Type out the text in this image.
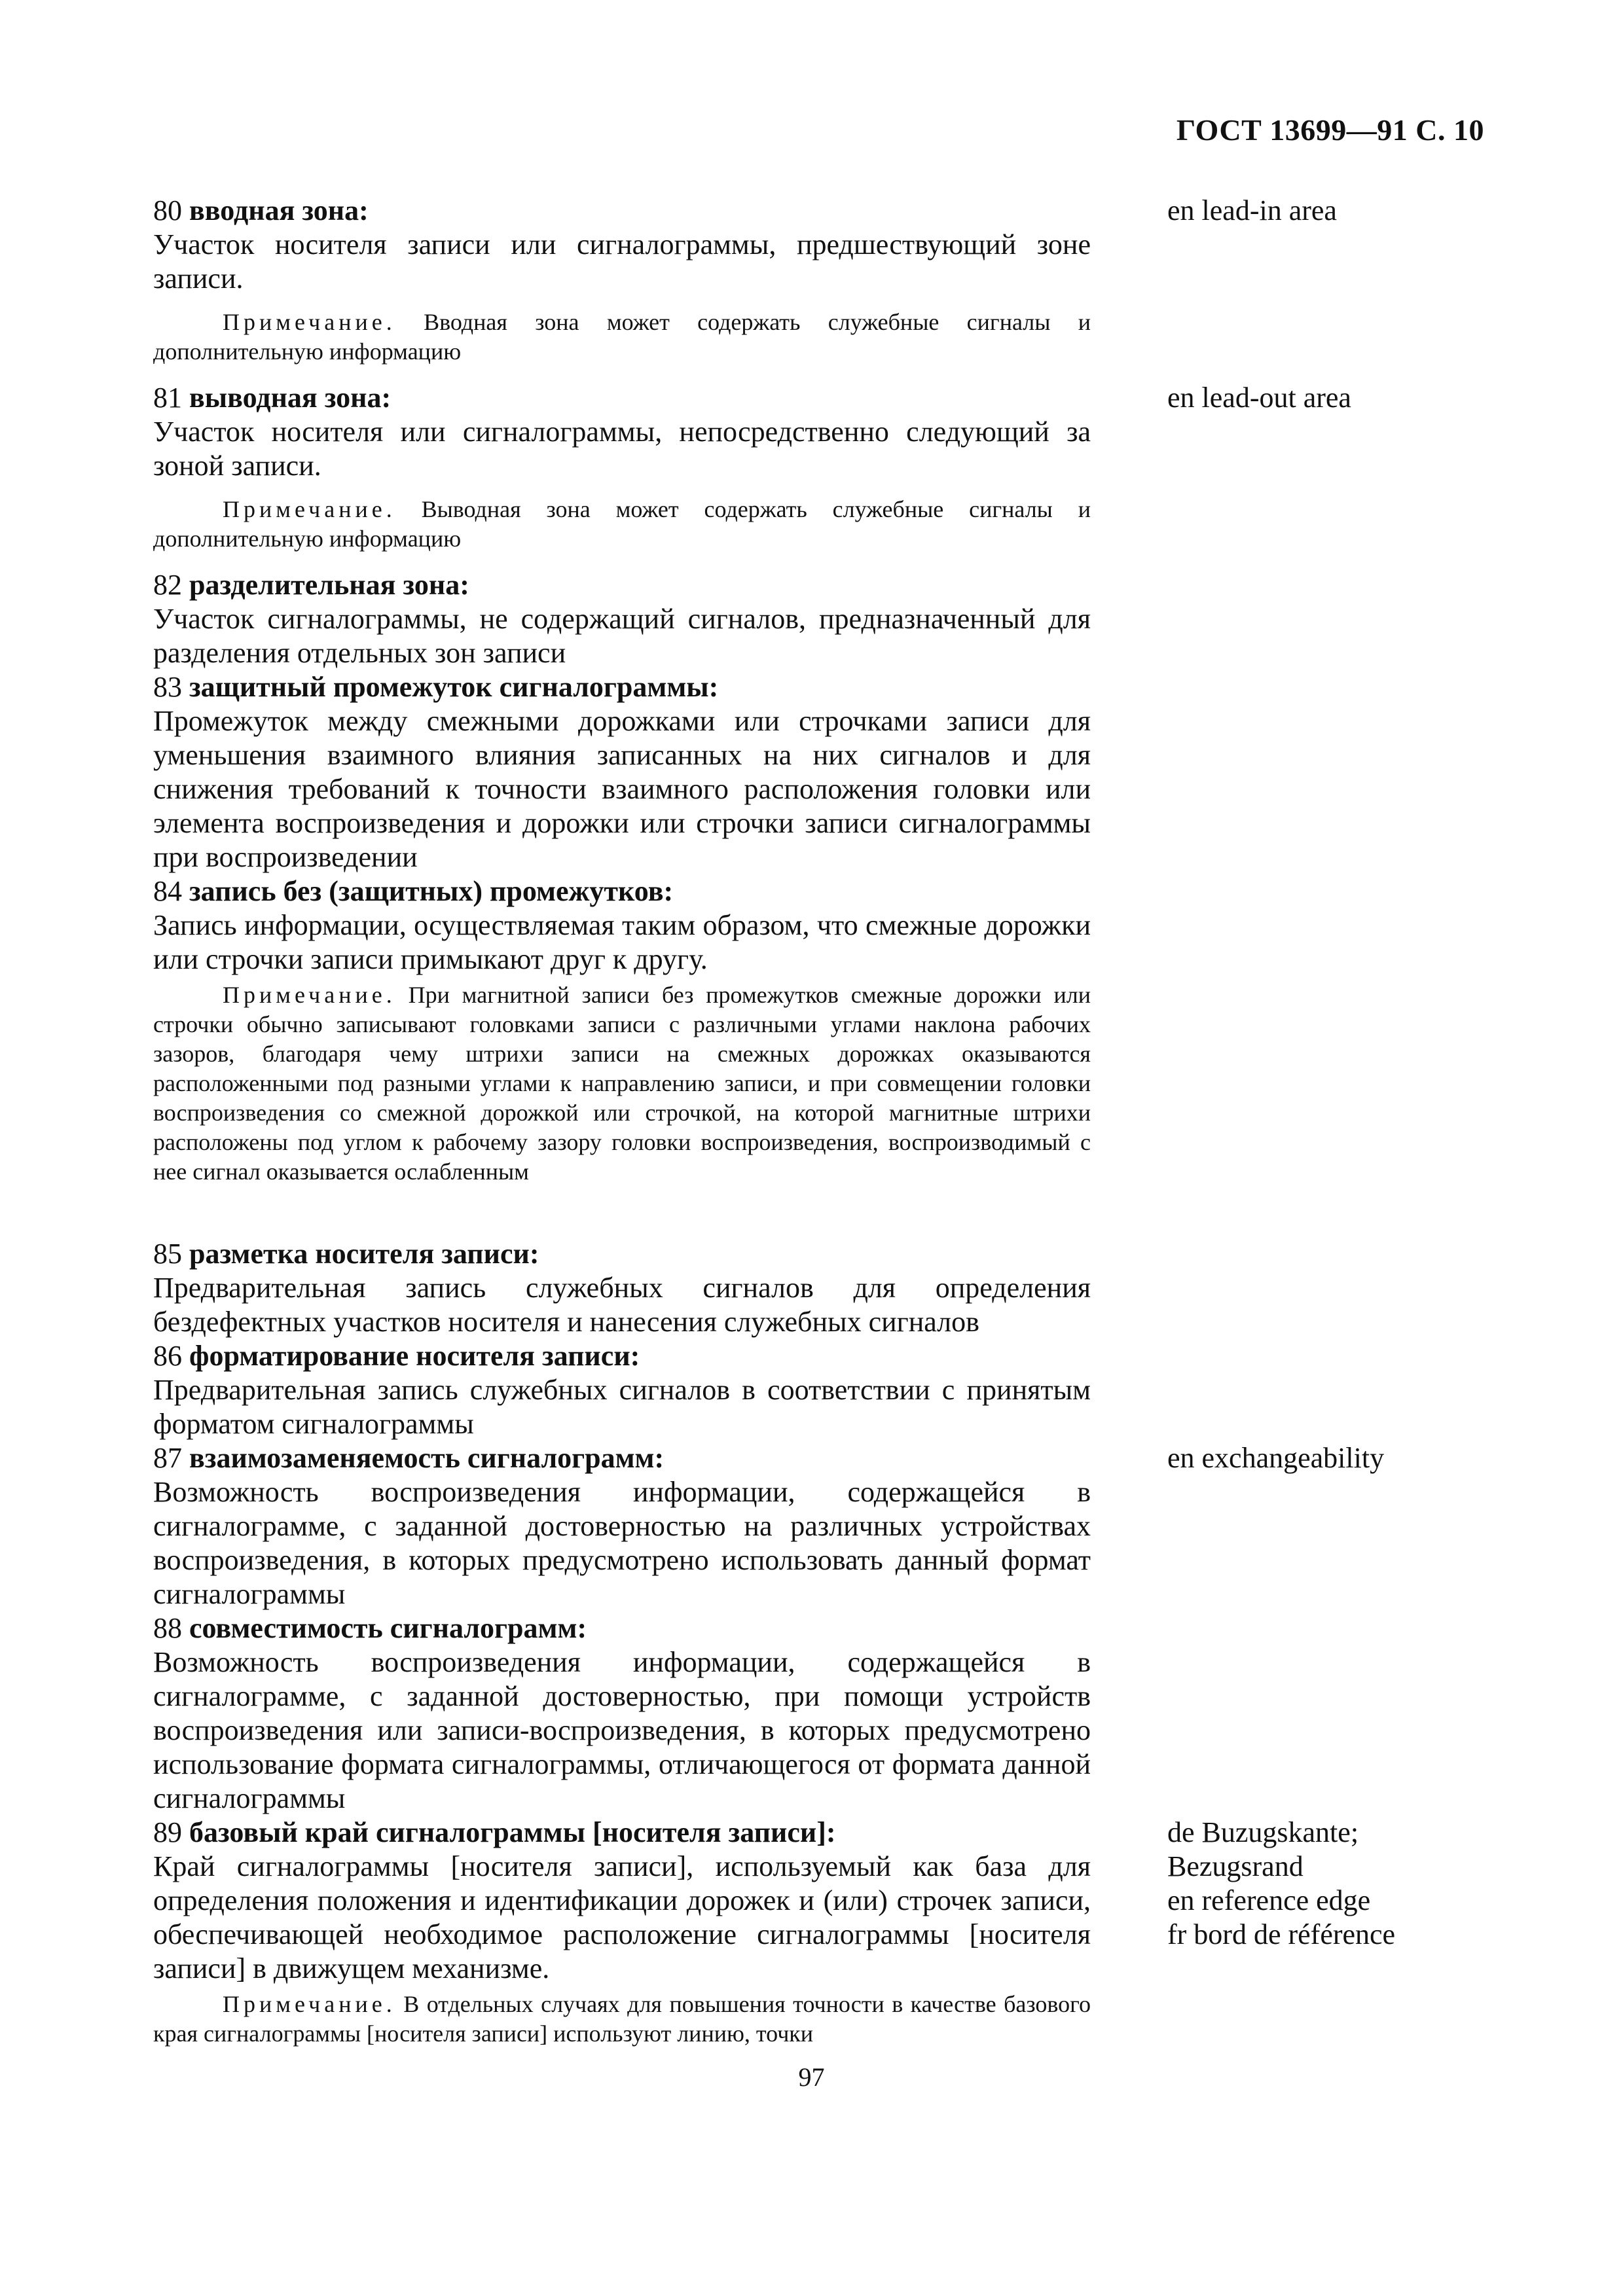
ГОСТ 13699—91 С. 10

80 вводная зона:

Участок носителя записи или сигналограммы, предшествующий зоне записи.

en lead-in area
Примечание. Вводная зона может содержать служебные сигналы и дополнительную информацию

81 выводная зона:

Участок носителя или сигналограммы, непосредственно следующий за зоной записи.

en lead-out area
Примечание. Выводная зона может содержать служебные сигналы и дополнительную информацию

82 разделительная зона:

Участок сигналограммы, не содержащий сигналов, предназначенный для разделения отдельных зон записи

83 защитный промежуток сигналограммы:

Промежуток между смежными дорожками или строчками записи для уменьшения взаимного влияния записанных на них сигналов и для снижения требований к точности взаимного расположения головки или элемента воспроизведения и дорожки или строчки записи сигналограммы при воспроизведении

84 запись без (защитных) промежутков:

Запись информации, осуществляемая таким образом, что смежные дорожки или строчки записи примыкают друг к другу.

Примечание. При магнитной записи без промежутков смежные дорожки или строчки обычно записывают головками записи с различными углами наклона рабочих зазоров, благодаря чему штрихи записи на смежных дорожках оказываются расположенными под разными углами к направлению записи, и при совмещении головки воспроизведения со смежной дорожкой или строчкой, на которой магнитные штрихи расположены под углом к рабочему зазору головки воспроизведения, воспроизводимый с нее сигнал оказывается ослабленным

85 разметка носителя записи:

Предварительная запись служебных сигналов для определения бездефектных участков носителя и нанесения служебных сигналов

86 форматирование носителя записи:

Предварительная запись служебных сигналов в соответствии с принятым форматом сигналограммы

87 взаимозаменяемость сигналограмм:

Возможность воспроизведения информации, содержащейся в сигналограмме, с заданной достоверностью на различных устройствах воспроизведения, в которых предусмотрено использовать данный формат сигналограммы

en exchangeability

88 совместимость сигналограмм:

Возможность воспроизведения информации, содержащейся в сигналограмме, с заданной достоверностью, при помощи устройств воспроизведения или записи-воспроизведения, в которых предусмотрено использование формата сигналограммы, отличающегося от формата данной сигналограммы

89 базовый край сигналограммы [носителя записи]:

Край сигналограммы [носителя записи], используемый как база для определения положения и идентификации дорожек и (или) строчек записи, обеспечивающей необходимое расположение сигналограммы [носителя записи] в движущем механизме.

de Buzugskante;
Bezugsrand
en reference edge
fr bord de référence
Примечание. В отдельных случаях для повышения точности в качестве базового края сигналограммы [носителя записи] используют линию, точки
97
